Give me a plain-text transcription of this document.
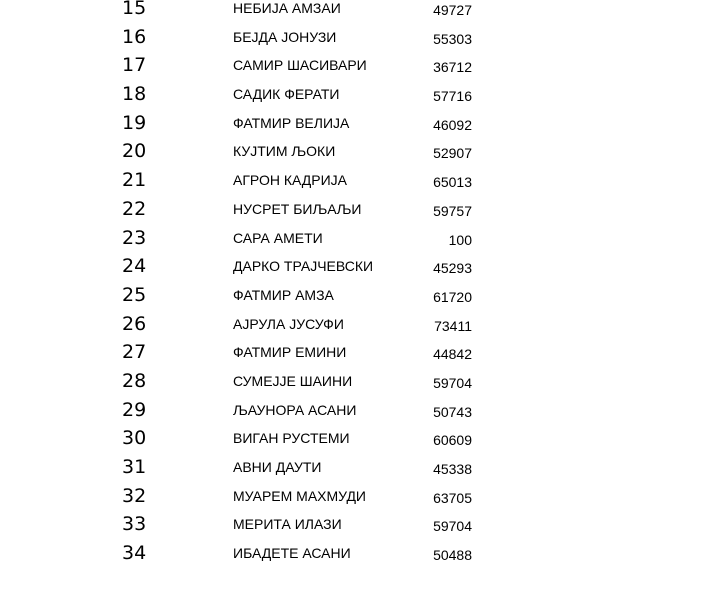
15	НЕБИЈА АМЗАИ	49727
16	БЕЈДА ЈОНУЗИ	55303
17	САМИР ШАСИВАРИ	36712
18	САДИК ФЕРАТИ	57716
19	ФАТМИР ВЕЛИЈА	46092
20	КУЈТИМ ЉОКИ	52907
21	АГРОН КАДРИЈА	65013
22	НУСРЕТ БИЉАЉИ	59757
23	САРА АМЕТИ	100
24	ДАРКО ТРАЈЧЕВСКИ	45293
25	ФАТМИР АМЗА	61720
26	АЈРУЛА ЈУСУФИ	73411
27	ФАТМИР ЕМИНИ	44842
28	СУМЕЈЈЕ ШАИНИ	59704
29	ЉАУНОРА АСАНИ	50743
30	ВИГАН РУСТЕМИ	60609
31	АВНИ ДАУТИ	45338
32	МУАРЕМ МАХМУДИ	63705
33	МЕРИТА ИЛАЗИ	59704
34	ИБАДЕТЕ АСАНИ	50488
